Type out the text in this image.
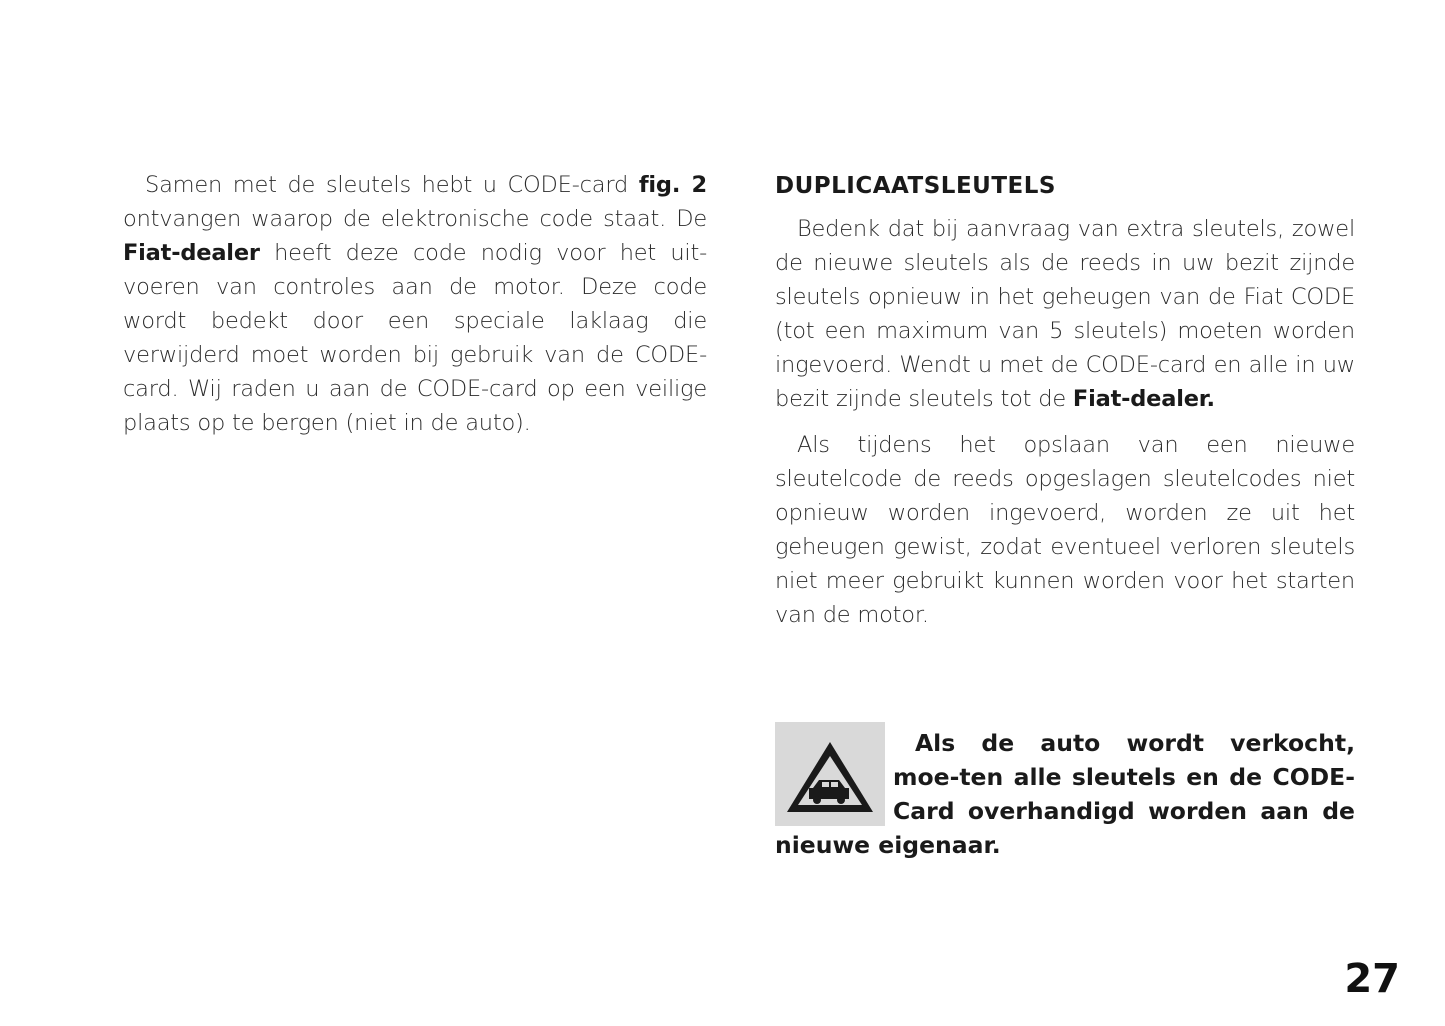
Samen met de sleutels hebt u CODE-card fig. 2 ontvangen waarop de elektronische code staat. De Fiat-dealer heeft deze code nodig voor het uit-voeren van controles aan de motor. Deze code wordt bedekt door een speciale laklaag die verwijderd moet worden bij gebruik van de CODE- card. Wij raden u aan de CODE-card op een veilige plaats op te bergen (niet in de auto).

DUPLICAATSLEUTELS

Bedenk dat bij aanvraag van extra sleutels, zowel de nieuwe sleutels als de reeds in uw bezit zijnde sleutels opnieuw in het geheugen van de Fiat CODE (tot een maximum van 5 sleutels) moeten worden ingevoerd. Wendt u met de CODE-card en alle in uw bezit zijnde sleutels tot de Fiat-dealer.

Als tijdens het opslaan van een nieuwe sleutelcode de reeds opgeslagen sleutelcodes niet opnieuw worden ingevoerd, worden ze uit het geheugen gewist, zodat eventueel verloren sleutels niet meer gebruikt kunnen worden voor het starten van de motor.

Als de auto wordt verkocht, moe-ten alle sleutels en de CODE-Card overhandigd worden aan de nieuwe eigenaar.
27
